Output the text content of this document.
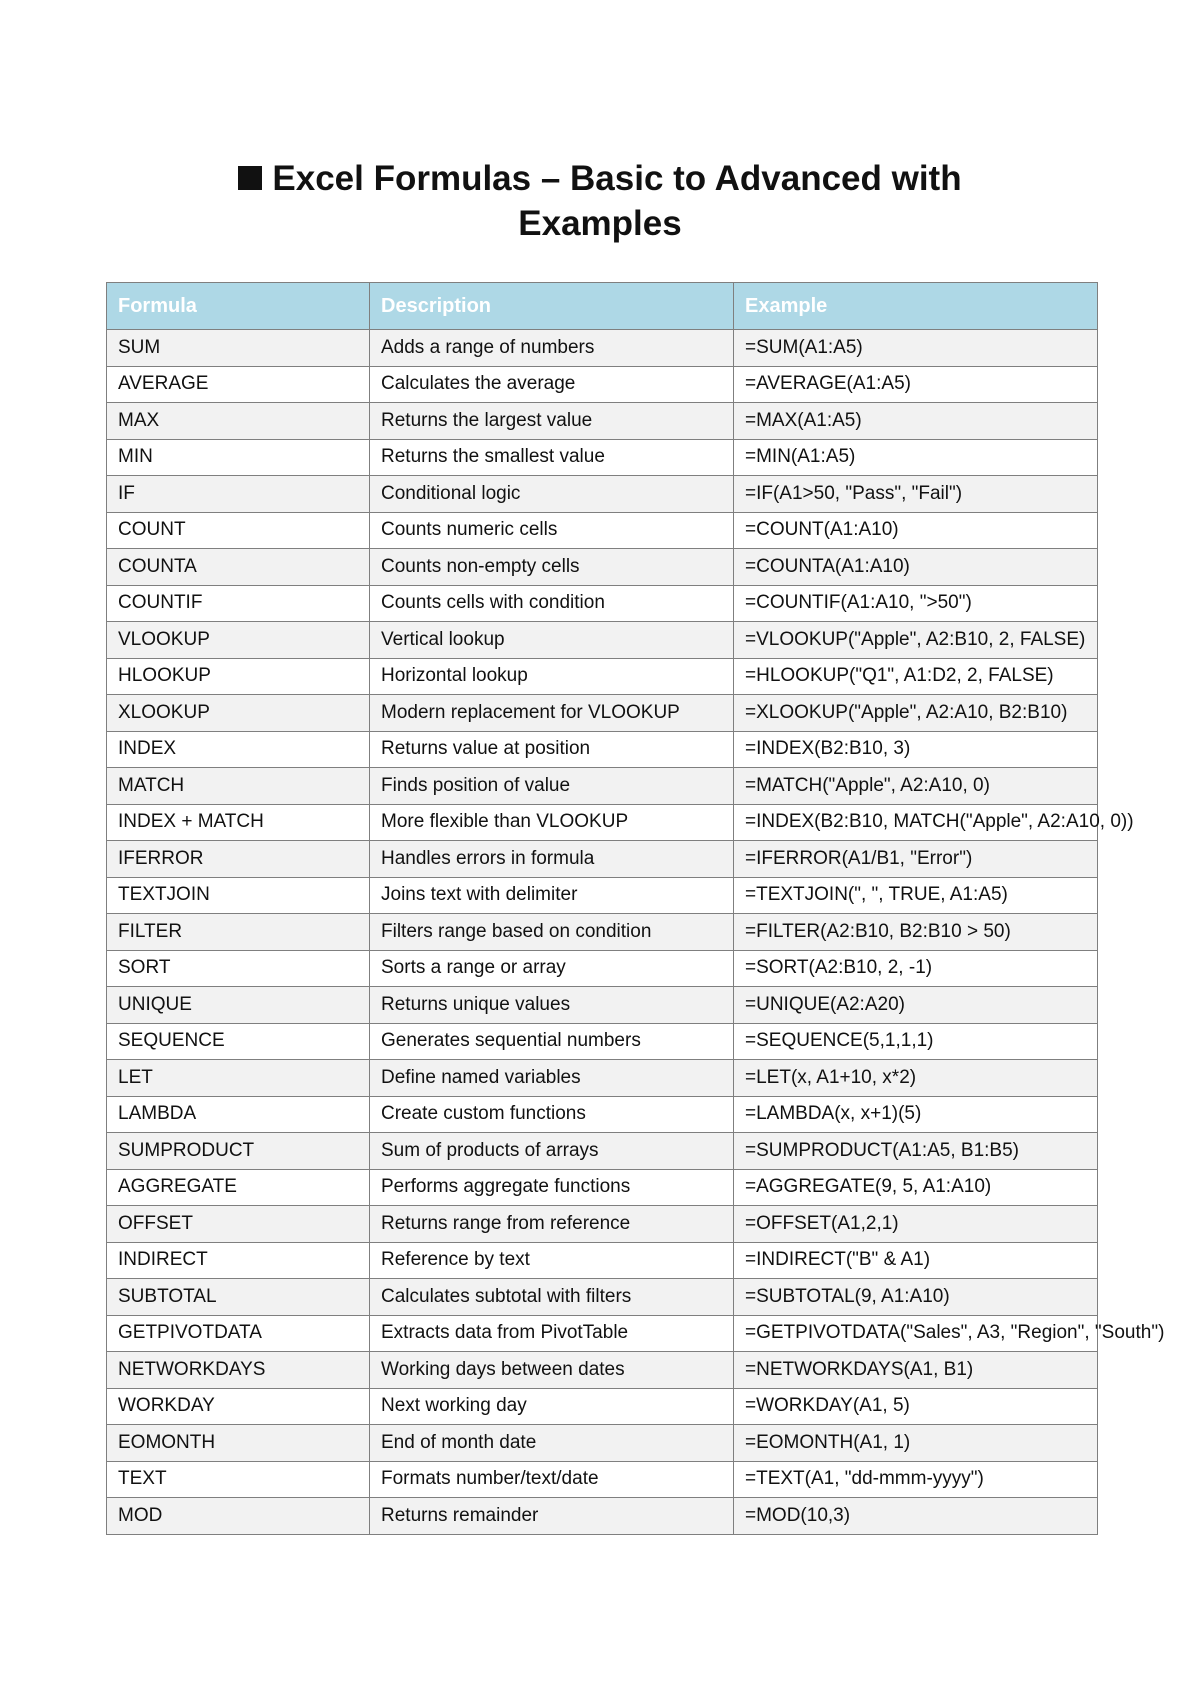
Excel Formulas – Basic to Advanced with Examples
Formula	Description	Example
SUM	Adds a range of numbers	=SUM(A1:A5)
AVERAGE	Calculates the average	=AVERAGE(A1:A5)
MAX	Returns the largest value	=MAX(A1:A5)
MIN	Returns the smallest value	=MIN(A1:A5)
IF	Conditional logic	=IF(A1>50, "Pass", "Fail")
COUNT	Counts numeric cells	=COUNT(A1:A10)
COUNTA	Counts non-empty cells	=COUNTA(A1:A10)
COUNTIF	Counts cells with condition	=COUNTIF(A1:A10, ">50")
VLOOKUP	Vertical lookup	=VLOOKUP("Apple", A2:B10, 2, FALSE)
HLOOKUP	Horizontal lookup	=HLOOKUP("Q1", A1:D2, 2, FALSE)
XLOOKUP	Modern replacement for VLOOKUP	=XLOOKUP("Apple", A2:A10, B2:B10)
INDEX	Returns value at position	=INDEX(B2:B10, 3)
MATCH	Finds position of value	=MATCH("Apple", A2:A10, 0)
INDEX + MATCH	More flexible than VLOOKUP	=INDEX(B2:B10, MATCH("Apple", A2:A10, 0))
IFERROR	Handles errors in formula	=IFERROR(A1/B1, "Error")
TEXTJOIN	Joins text with delimiter	=TEXTJOIN(", ", TRUE, A1:A5)
FILTER	Filters range based on condition	=FILTER(A2:B10, B2:B10 > 50)
SORT	Sorts a range or array	=SORT(A2:B10, 2, -1)
UNIQUE	Returns unique values	=UNIQUE(A2:A20)
SEQUENCE	Generates sequential numbers	=SEQUENCE(5,1,1,1)
LET	Define named variables	=LET(x, A1+10, x*2)
LAMBDA	Create custom functions	=LAMBDA(x, x+1)(5)
SUMPRODUCT	Sum of products of arrays	=SUMPRODUCT(A1:A5, B1:B5)
AGGREGATE	Performs aggregate functions	=AGGREGATE(9, 5, A1:A10)
OFFSET	Returns range from reference	=OFFSET(A1,2,1)
INDIRECT	Reference by text	=INDIRECT("B" & A1)
SUBTOTAL	Calculates subtotal with filters	=SUBTOTAL(9, A1:A10)
GETPIVOTDATA	Extracts data from PivotTable	=GETPIVOTDATA("Sales", A3, "Region", "South")
NETWORKDAYS	Working days between dates	=NETWORKDAYS(A1, B1)
WORKDAY	Next working day	=WORKDAY(A1, 5)
EOMONTH	End of month date	=EOMONTH(A1, 1)
TEXT	Formats number/text/date	=TEXT(A1, "dd-mmm-yyyy")
MOD	Returns remainder	=MOD(10,3)
